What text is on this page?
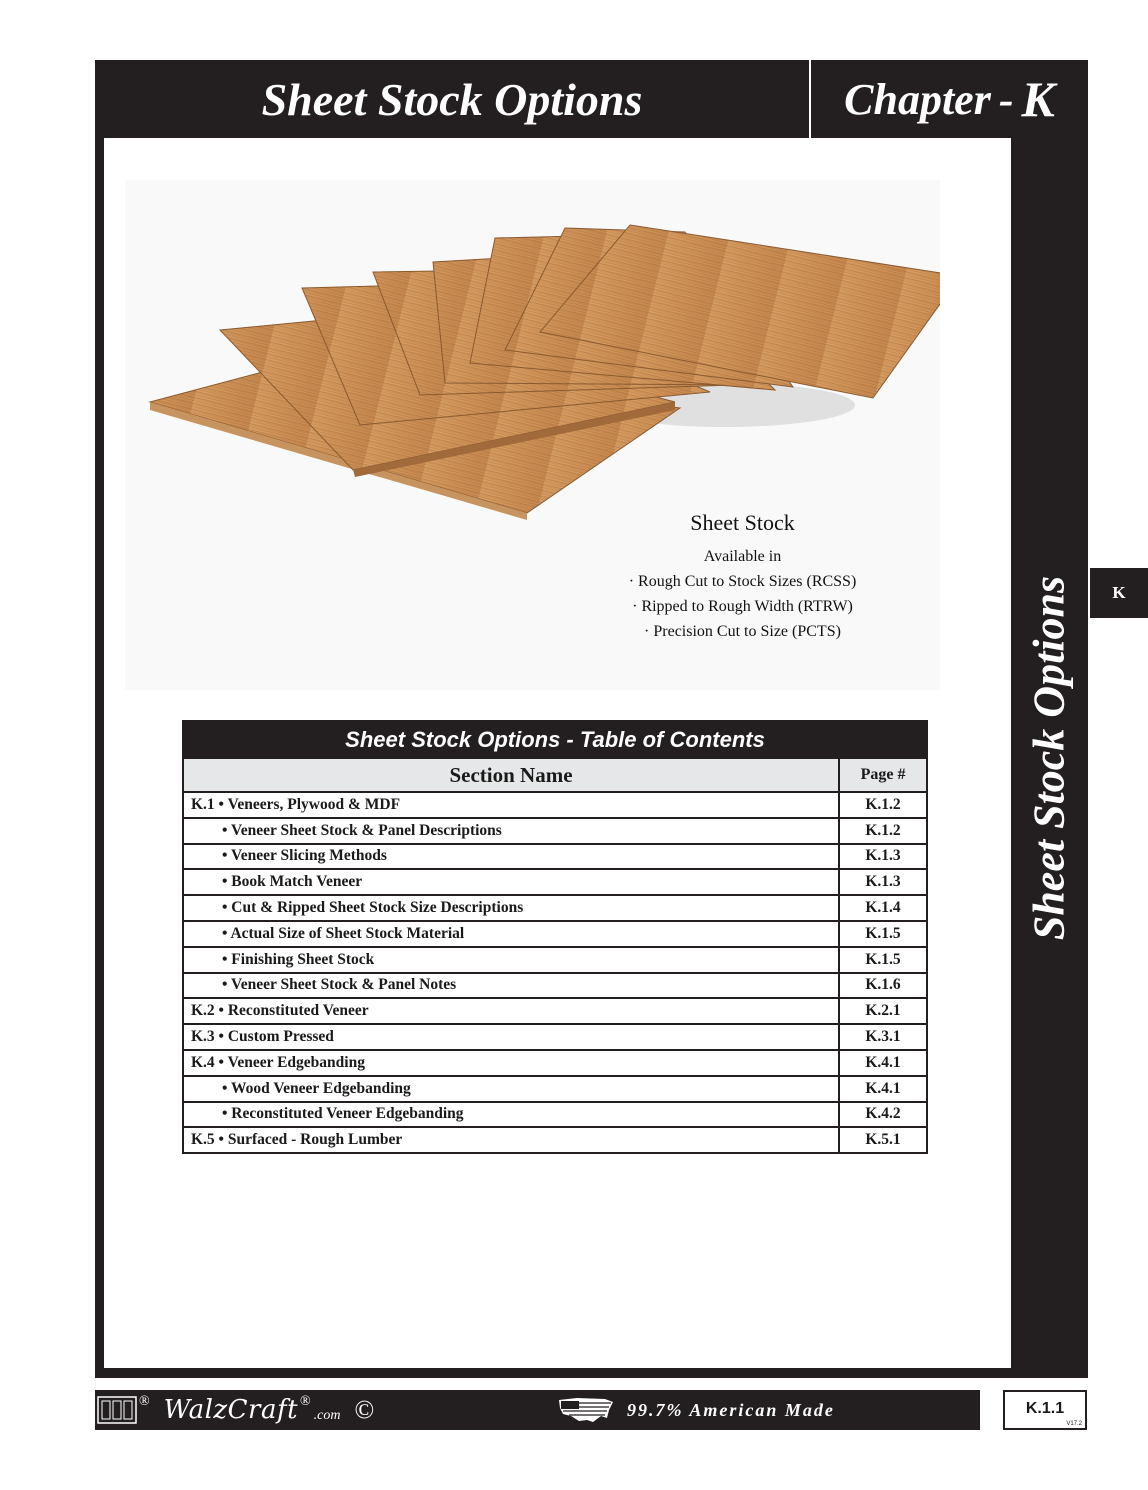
Sheet Stock Options	Chapter - K
Sheet Stock Options	K
Sheet Stock
Available in
· Rough Cut to Stock Sizes (RCSS)
· Ripped to Rough Width (RTRW)
· Precision Cut to Size (PCTS)
Sheet Stock Options - Table of Contents
Section Name	Page #
K.1 • Veneers, Plywood & MDF	K.1.2
• Veneer Sheet Stock & Panel Descriptions	K.1.2
• Veneer Slicing Methods	K.1.3
• Book Match Veneer	K.1.3
• Cut & Ripped Sheet Stock Size Descriptions	K.1.4
• Actual Size of Sheet Stock Material	K.1.5
• Finishing Sheet Stock	K.1.5
• Veneer Sheet Stock & Panel Notes	K.1.6
K.2 • Reconstituted Veneer	K.2.1
K.3 • Custom Pressed	K.3.1
K.4 • Veneer Edgebanding	K.4.1
• Wood Veneer Edgebanding	K.4.1
• Reconstituted Veneer Edgebanding	K.4.2
K.5 • Surfaced - Rough Lumber	K.5.1
® WalzCraft ®
.com ©	99.7% American Made	K.1.1
V17.2
